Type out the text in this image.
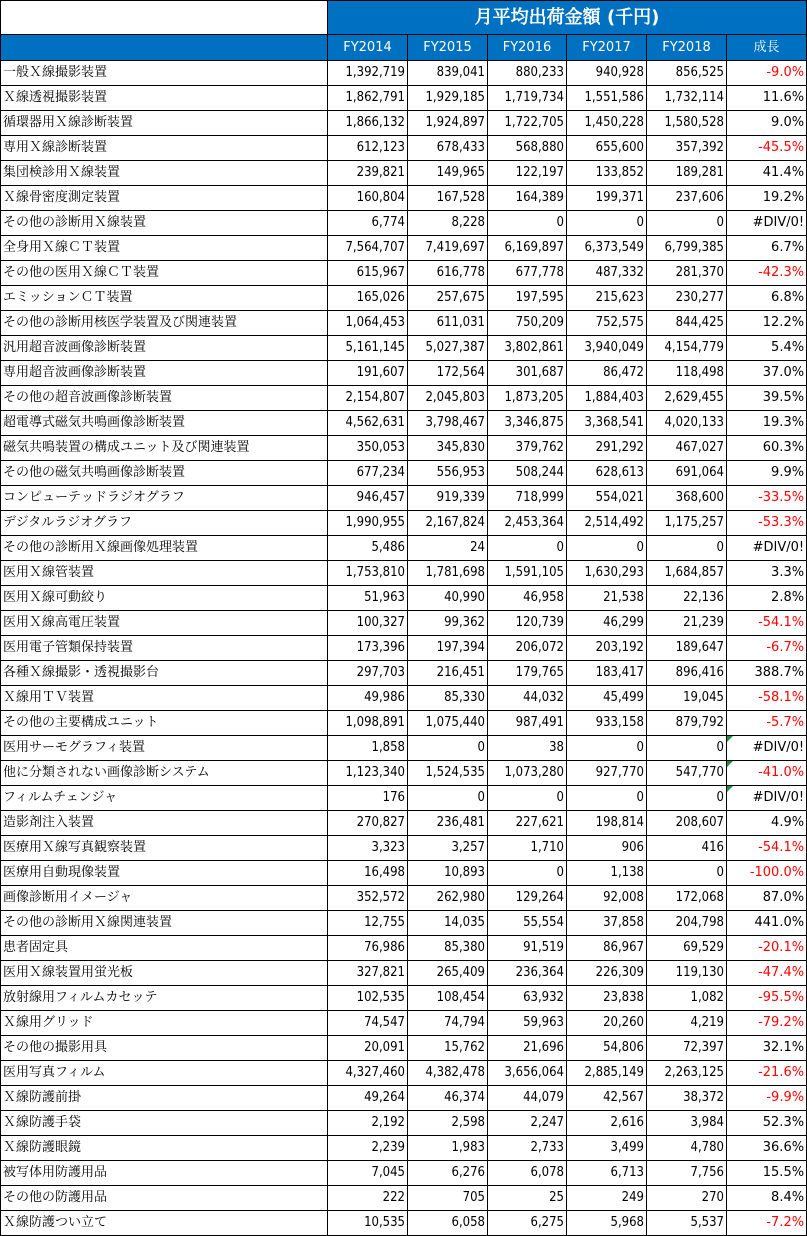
	月平均出荷金額 (千円)					
	FY2014	FY2015	FY2016	FY2017	FY2018	成長
一般Ｘ線撮影装置	1,392,719	839,041	880,233	940,928	856,525	-9.0%
Ｘ線透視撮影装置	1,862,791	1,929,185	1,719,734	1,551,586	1,732,114	11.6%
循環器用Ｘ線診断装置	1,866,132	1,924,897	1,722,705	1,450,228	1,580,528	9.0%
専用Ｘ線診断装置	612,123	678,433	568,880	655,600	357,392	-45.5%
集団検診用Ｘ線装置	239,821	149,965	122,197	133,852	189,281	41.4%
Ｘ線骨密度測定装置	160,804	167,528	164,389	199,371	237,606	19.2%
その他の診断用Ｘ線装置	6,774	8,228	0	0	0	#DIV/0!
全身用Ｘ線ＣＴ装置	7,564,707	7,419,697	6,169,897	6,373,549	6,799,385	6.7%
その他の医用Ｘ線ＣＴ装置	615,967	616,778	677,778	487,332	281,370	-42.3%
エミッションＣＴ装置	165,026	257,675	197,595	215,623	230,277	6.8%
その他の診断用核医学装置及び関連装置	1,064,453	611,031	750,209	752,575	844,425	12.2%
汎用超音波画像診断装置	5,161,145	5,027,387	3,802,861	3,940,049	4,154,779	5.4%
専用超音波画像診断装置	191,607	172,564	301,687	86,472	118,498	37.0%
その他の超音波画像診断装置	2,154,807	2,045,803	1,873,205	1,884,403	2,629,455	39.5%
超電導式磁気共鳴画像診断装置	4,562,631	3,798,467	3,346,875	3,368,541	4,020,133	19.3%
磁気共鳴装置の構成ユニット及び関連装置	350,053	345,830	379,762	291,292	467,027	60.3%
その他の磁気共鳴画像診断装置	677,234	556,953	508,244	628,613	691,064	9.9%
コンピューテッドラジオグラフ	946,457	919,339	718,999	554,021	368,600	-33.5%
デジタルラジオグラフ	1,990,955	2,167,824	2,453,364	2,514,492	1,175,257	-53.3%
その他の診断用Ｘ線画像処理装置	5,486	24	0	0	0	#DIV/0!
医用Ｘ線管装置	1,753,810	1,781,698	1,591,105	1,630,293	1,684,857	3.3%
医用Ｘ線可動絞り	51,963	40,990	46,958	21,538	22,136	2.8%
医用Ｘ線高電圧装置	100,327	99,362	120,739	46,299	21,239	-54.1%
医用電子管類保持装置	173,396	197,394	206,072	203,192	189,647	-6.7%
各種Ｘ線撮影・透視撮影台	297,703	216,451	179,765	183,417	896,416	388.7%
Ｘ線用ＴＶ装置	49,986	85,330	44,032	45,499	19,045	-58.1%
その他の主要構成ユニット	1,098,891	1,075,440	987,491	933,158	879,792	-5.7%
医用サーモグラフィ装置	1,858	0	38	0	0	#DIV/0!
他に分類されない画像診断システム	1,123,340	1,524,535	1,073,280	927,770	547,770	-41.0%
フィルムチェンジャ	176	0	0	0	0	#DIV/0!
造影剤注入装置	270,827	236,481	227,621	198,814	208,607	4.9%
医療用Ｘ線写真観察装置	3,323	3,257	1,710	906	416	-54.1%
医療用自動現像装置	16,498	10,893	0	1,138	0	-100.0%
画像診断用イメージャ	352,572	262,980	129,264	92,008	172,068	87.0%
その他の診断用Ｘ線関連装置	12,755	14,035	55,554	37,858	204,798	441.0%
患者固定具	76,986	85,380	91,519	86,967	69,529	-20.1%
医用Ｘ線装置用蛍光板	327,821	265,409	236,364	226,309	119,130	-47.4%
放射線用フィルムカセッテ	102,535	108,454	63,932	23,838	1,082	-95.5%
Ｘ線用グリッド	74,547	74,794	59,963	20,260	4,219	-79.2%
その他の撮影用具	20,091	15,762	21,696	54,806	72,397	32.1%
医用写真フィルム	4,327,460	4,382,478	3,656,064	2,885,149	2,263,125	-21.6%
Ｘ線防護前掛	49,264	46,374	44,079	42,567	38,372	-9.9%
Ｘ線防護手袋	2,192	2,598	2,247	2,616	3,984	52.3%
Ｘ線防護眼鏡	2,239	1,983	2,733	3,499	4,780	36.6%
被写体用防護用品	7,045	6,276	6,078	6,713	7,756	15.5%
その他の防護用品	222	705	25	249	270	8.4%
Ｘ線防護つい立て	10,535	6,058	6,275	5,968	5,537	-7.2%
